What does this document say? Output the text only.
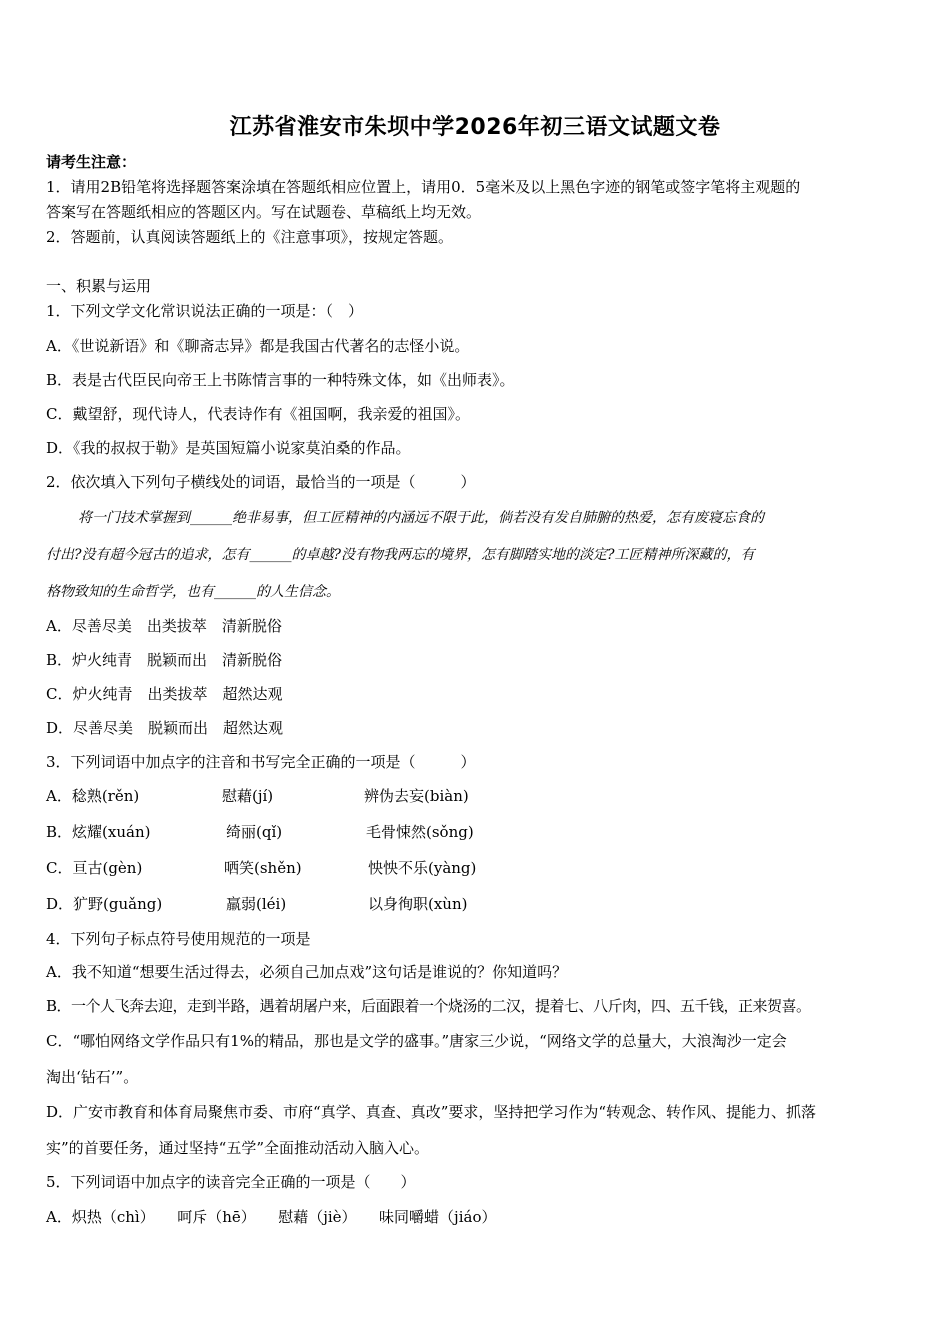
江苏省淮安市朱坝中学2026年初三语文试题文卷
请考生注意：
1．请用2B铅笔将选择题答案涂填在答题纸相应位置上，请用0．5毫米及以上黑色字迹的钢笔或签字笔将主观题的
答案写在答题纸相应的答题区内。写在试题卷、草稿纸上均无效。
2．答题前，认真阅读答题纸上的《注意事项》，按规定答题。
一、积累与运用
1．下列文学文化常识说法正确的一项是：（　）
A．《世说新语》和《聊斋志异》都是我国古代著名的志怪小说。
B．表是古代臣民向帝王上书陈情言事的一种特殊文体，如《出师表》。
C．戴望舒，现代诗人，代表诗作有《祖国啊，我亲爱的祖国》。
D．《我的叔叔于勒》是英国短篇小说家莫泊桑的作品。
2．依次填入下列句子横线处的词语，最恰当的一项是（　　　）
将一门技术掌握到______绝非易事，但工匠精神的内涵远不限于此，倘若没有发自肺腑的热爱，怎有废寝忘食的
付出?没有超今冠古的追求，怎有______的卓越?没有物我两忘的境界，怎有脚踏实地的淡定?工匠精神所深藏的，有
格物致知的生命哲学，也有______的人生信念。
A．尽善尽美　出类拔萃　清新脱俗
B．炉火纯青　脱颖而出　清新脱俗
C．炉火纯青　出类拔萃　超然达观
D．尽善尽美　脱颖而出　超然达观
3．下列词语中加点字的注音和书写完全正确的一项是（　　　）
A．稔熟(rěn)	慰藉(jí)	辨伪去妄(biàn)
B．炫耀(xuán)	绮丽(qǐ)	毛骨悚然(sǒng)
C．亘古(gèn)	哂笑(shěn)	怏怏不乐(yàng)
D．犷野(guǎng)	羸弱(léi)	以身徇职(xùn)
4．下列句子标点符号使用规范的一项是
A．我不知道“想要生活过得去，必须自己加点戏”这句话是谁说的？你知道吗？
B．一个人飞奔去迎，走到半路，遇着胡屠户来，后面跟着一个烧汤的二汉，提着七、八斤肉，四、五千钱，正来贺喜。
C．“哪怕网络文学作品只有1%的精品，那也是文学的盛事。”唐家三少说，“网络文学的总量大，大浪淘沙一定会
淘出‘钻石’”。
D．广安市教育和体育局聚焦市委、市府“真学、真查、真改”要求，坚持把学习作为“转观念、转作风、提能力、抓落
实”的首要任务，通过坚持“五学”全面推动活动入脑入心。
5．下列词语中加点字的读音完全正确的一项是（　　）
A．炽热（chì）　　呵斥（hē）　　慰藉（jiè）　　味同嚼蜡（jiáo）
